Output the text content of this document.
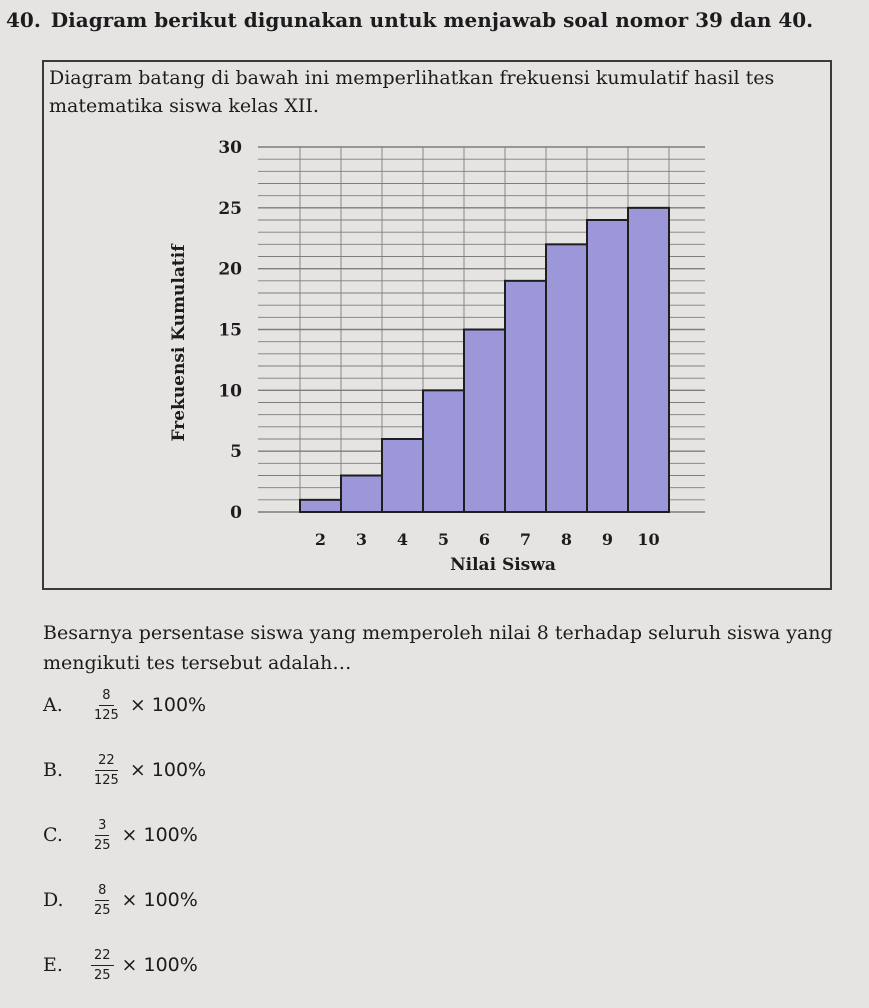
40. Diagram berikut digunakan untuk menjawab soal nomor 39 dan 40.
Diagram batang di bawah ini memperlihatkan frekuensi kumulatif hasil tes matematika siswa kelas XII.
0
5
10
15
20
25
30
2 3 4 5 6 7 8 9 10
Nilai Siswa
Frekuensi Kumulatif
Besarnya persentase siswa yang memperoleh nilai 8 terhadap seluruh siswa yang mengikuti tes tersebut adalah…
A.	$\frac{8}{125} \times 100\%$
B.	$\frac{22}{125} \times 100\%$
C.	$\frac{3}{25} \times 100\%$
D.	$\frac{8}{25} \times 100\%$
E.	$\frac{22}{25} \times 100\%$
